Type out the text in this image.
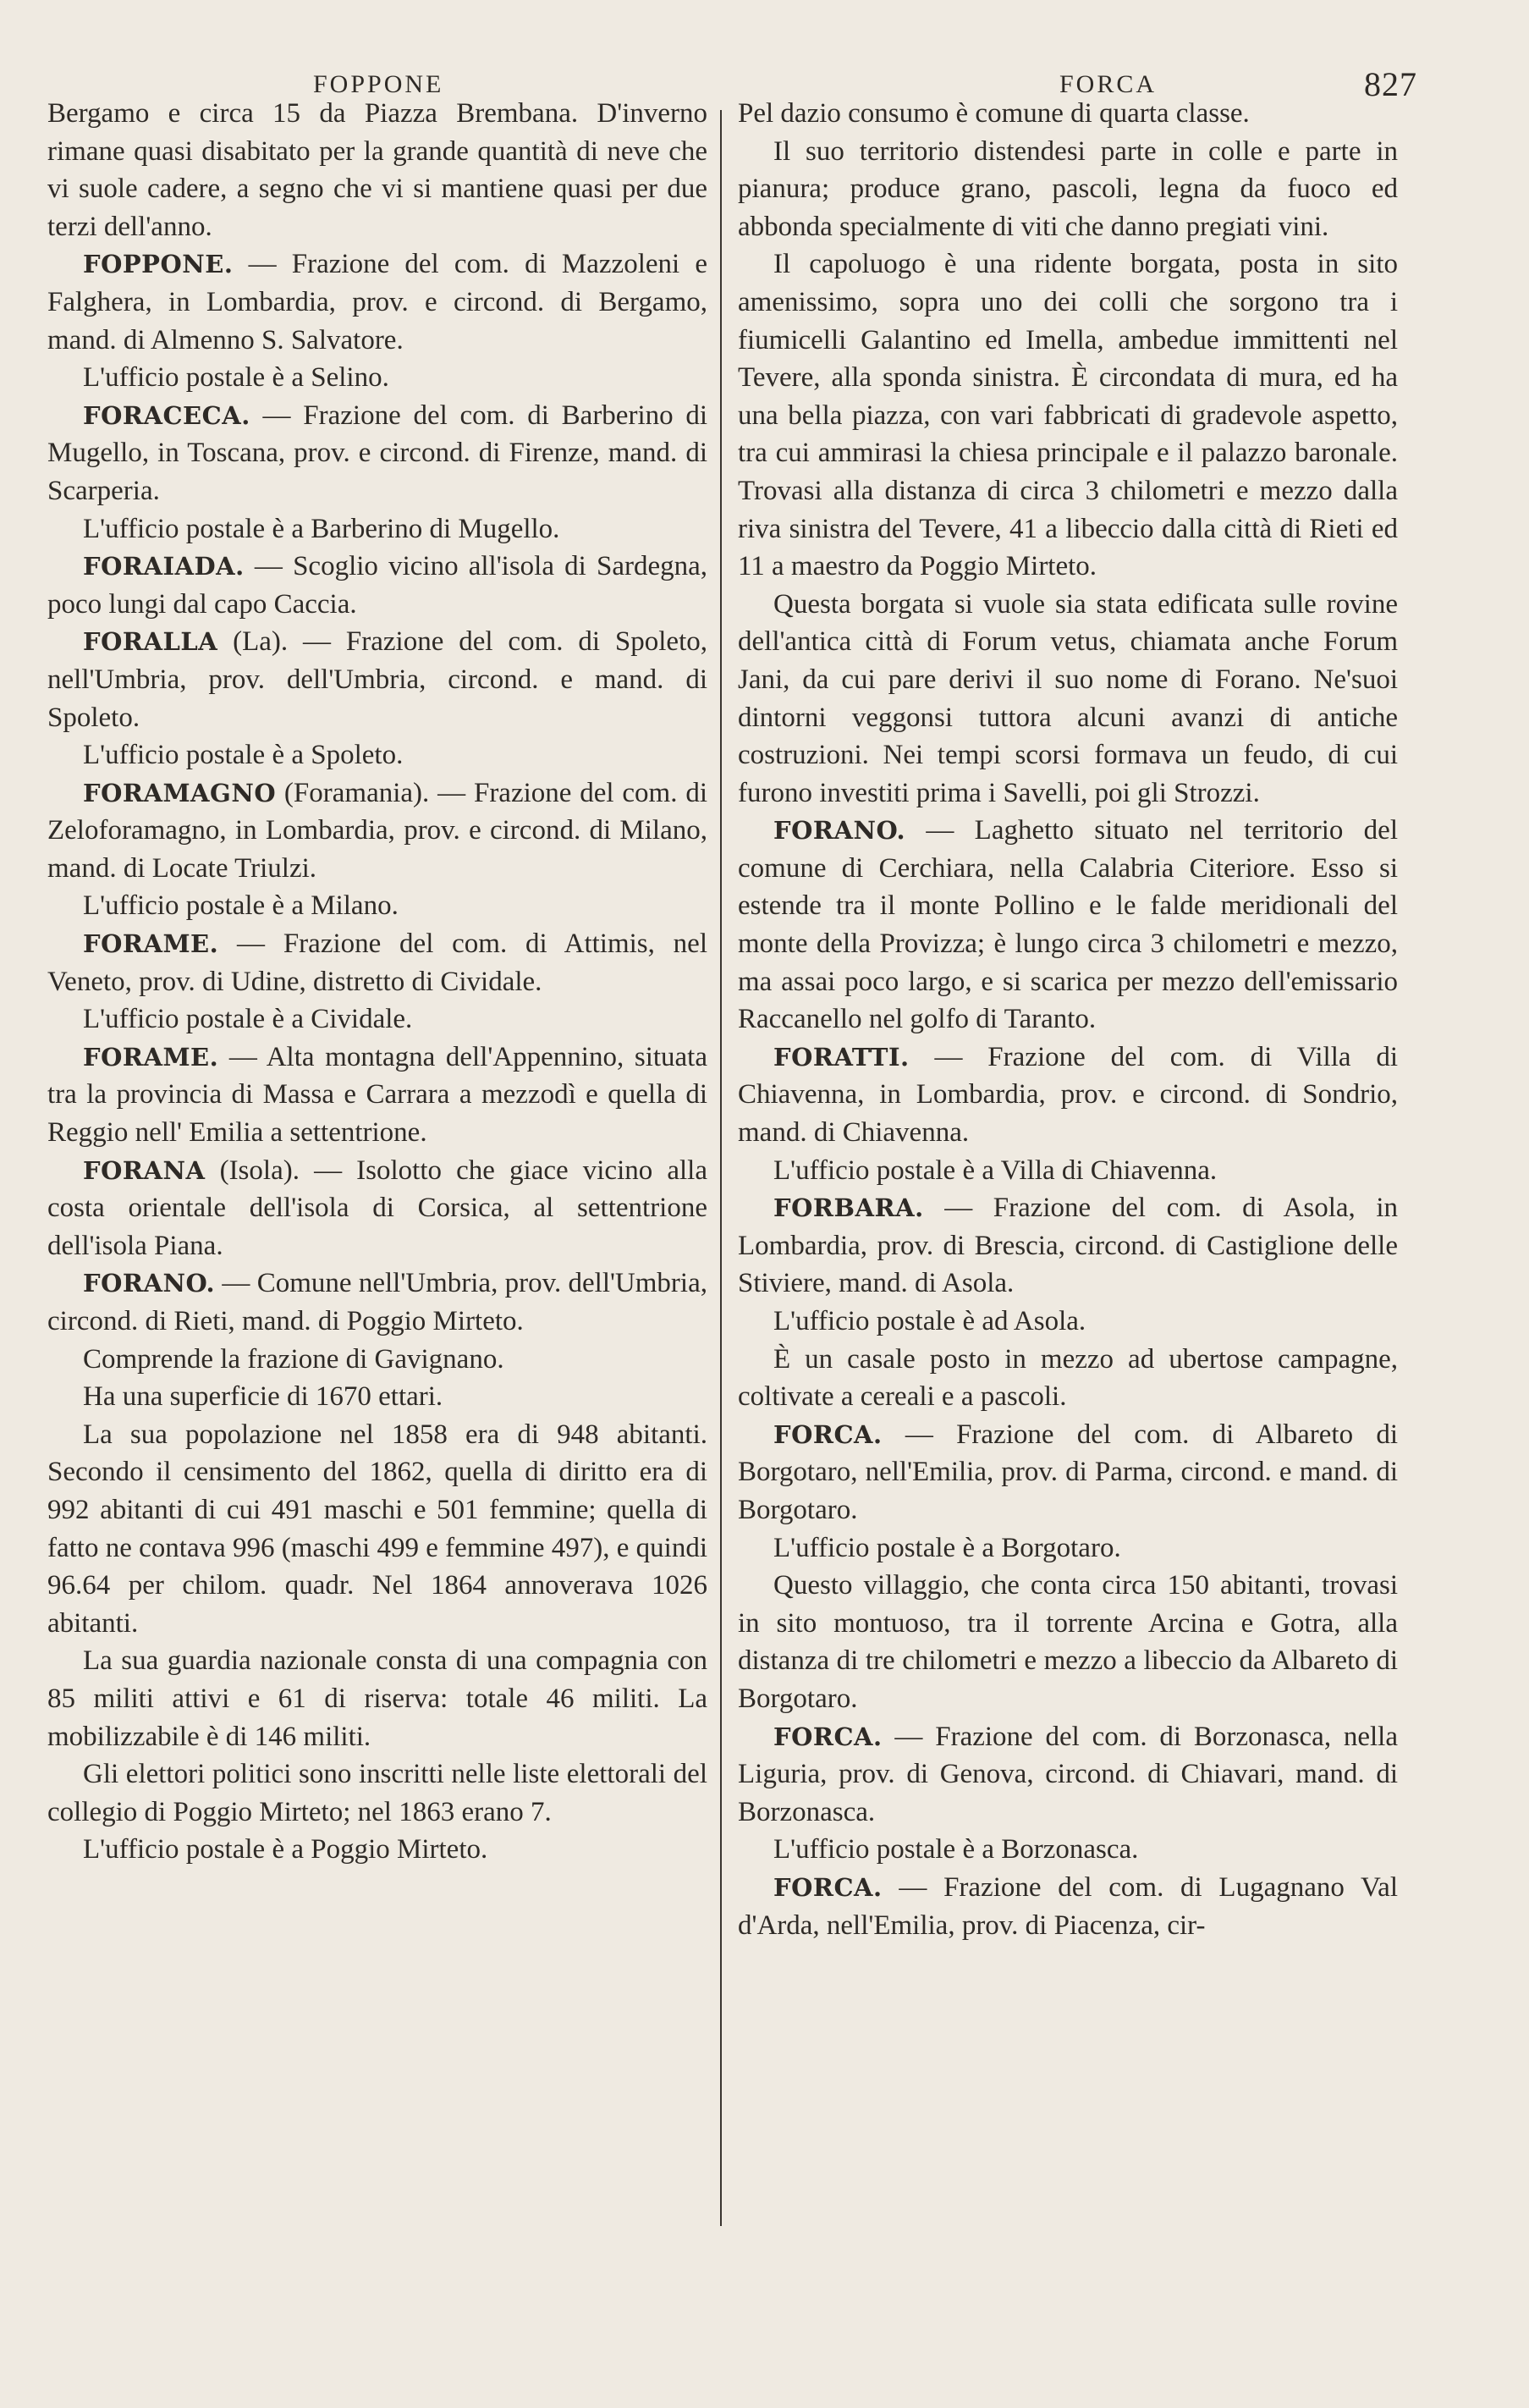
FOPPONE	FORCA	827

Bergamo e circa 15 da Piazza Brembana. D'inverno rimane quasi disabitato per la grande quantità di neve che vi suole cadere, a segno che vi si mantiene quasi per due terzi dell'anno.

FOPPONE. — Frazione del com. di Mazzoleni e Falghera, in Lombardia, prov. e circond. di Bergamo, mand. di Almenno S. Salvatore.

L'ufficio postale è a Selino.

FORACECA. — Frazione del com. di Barberino di Mugello, in Toscana, prov. e circond. di Firenze, mand. di Scarperia.

L'ufficio postale è a Barberino di Mugello.

FORAIADA. — Scoglio vicino all'isola di Sardegna, poco lungi dal capo Caccia.

FORALLA (La). — Frazione del com. di Spoleto, nell'Umbria, prov. dell'Umbria, circond. e mand. di Spoleto.

L'ufficio postale è a Spoleto.

FORAMAGNO (Foramania). — Frazione del com. di Zeloforamagno, in Lombardia, prov. e circond. di Milano, mand. di Locate Triulzi.

L'ufficio postale è a Milano.

FORAME. — Frazione del com. di Attimis, nel Veneto, prov. di Udine, distretto di Cividale.

L'ufficio postale è a Cividale.

FORAME. — Alta montagna dell'Appennino, situata tra la provincia di Massa e Carrara a mezzodì e quella di Reggio nell' Emilia a settentrione.

FORANA (Isola). — Isolotto che giace vicino alla costa orientale dell'isola di Corsica, al settentrione dell'isola Piana.

FORANO. — Comune nell'Umbria, prov. dell'Umbria, circond. di Rieti, mand. di Poggio Mirteto.

Comprende la frazione di Gavignano.

Ha una superficie di 1670 ettari.

La sua popolazione nel 1858 era di 948 abitanti. Secondo il censimento del 1862, quella di diritto era di 992 abitanti di cui 491 maschi e 501 femmine; quella di fatto ne contava 996 (maschi 499 e femmine 497), e quindi 96.64 per chilom. quadr. Nel 1864 annoverava 1026 abitanti.

La sua guardia nazionale consta di una compagnia con 85 militi attivi e 61 di riserva: totale 46 militi. La mobilizzabile è di 146 militi.

Gli elettori politici sono inscritti nelle liste elettorali del collegio di Poggio Mirteto; nel 1863 erano 7.

L'ufficio postale è a Poggio Mirteto.

Pel dazio consumo è comune di quarta classe.

Il suo territorio distendesi parte in colle e parte in pianura; produce grano, pascoli, legna da fuoco ed abbonda specialmente di viti che danno pregiati vini.

Il capoluogo è una ridente borgata, posta in sito amenissimo, sopra uno dei colli che sorgono tra i fiumicelli Galantino ed Imella, ambedue immittenti nel Tevere, alla sponda sinistra. È circondata di mura, ed ha una bella piazza, con vari fabbricati di gradevole aspetto, tra cui ammirasi la chiesa principale e il palazzo baronale. Trovasi alla distanza di circa 3 chilometri e mezzo dalla riva sinistra del Tevere, 41 a libeccio dalla città di Rieti ed 11 a maestro da Poggio Mirteto.

Questa borgata si vuole sia stata edificata sulle rovine dell'antica città di Forum vetus, chiamata anche Forum Jani, da cui pare derivi il suo nome di Forano. Ne'suoi dintorni veggonsi tuttora alcuni avanzi di antiche costruzioni. Nei tempi scorsi formava un feudo, di cui furono investiti prima i Savelli, poi gli Strozzi.

FORANO. — Laghetto situato nel territorio del comune di Cerchiara, nella Calabria Citeriore. Esso si estende tra il monte Pollino e le falde meridionali del monte della Provizza; è lungo circa 3 chilometri e mezzo, ma assai poco largo, e si scarica per mezzo dell'emissario Raccanello nel golfo di Taranto.

FORATTI. — Frazione del com. di Villa di Chiavenna, in Lombardia, prov. e circond. di Sondrio, mand. di Chiavenna.

L'ufficio postale è a Villa di Chiavenna.

FORBARA. — Frazione del com. di Asola, in Lombardia, prov. di Brescia, circond. di Castiglione delle Stiviere, mand. di Asola.

L'ufficio postale è ad Asola.

È un casale posto in mezzo ad ubertose campagne, coltivate a cereali e a pascoli.

FORCA. — Frazione del com. di Albareto di Borgotaro, nell'Emilia, prov. di Parma, circond. e mand. di Borgotaro.

L'ufficio postale è a Borgotaro.

Questo villaggio, che conta circa 150 abitanti, trovasi in sito montuoso, tra il torrente Arcina e Gotra, alla distanza di tre chilometri e mezzo a libeccio da Albareto di Borgotaro.

FORCA. — Frazione del com. di Borzonasca, nella Liguria, prov. di Genova, circond. di Chiavari, mand. di Borzonasca.

L'ufficio postale è a Borzonasca.

FORCA. — Frazione del com. di Lugagnano Val d'Arda, nell'Emilia, prov. di Piacenza, cir-
